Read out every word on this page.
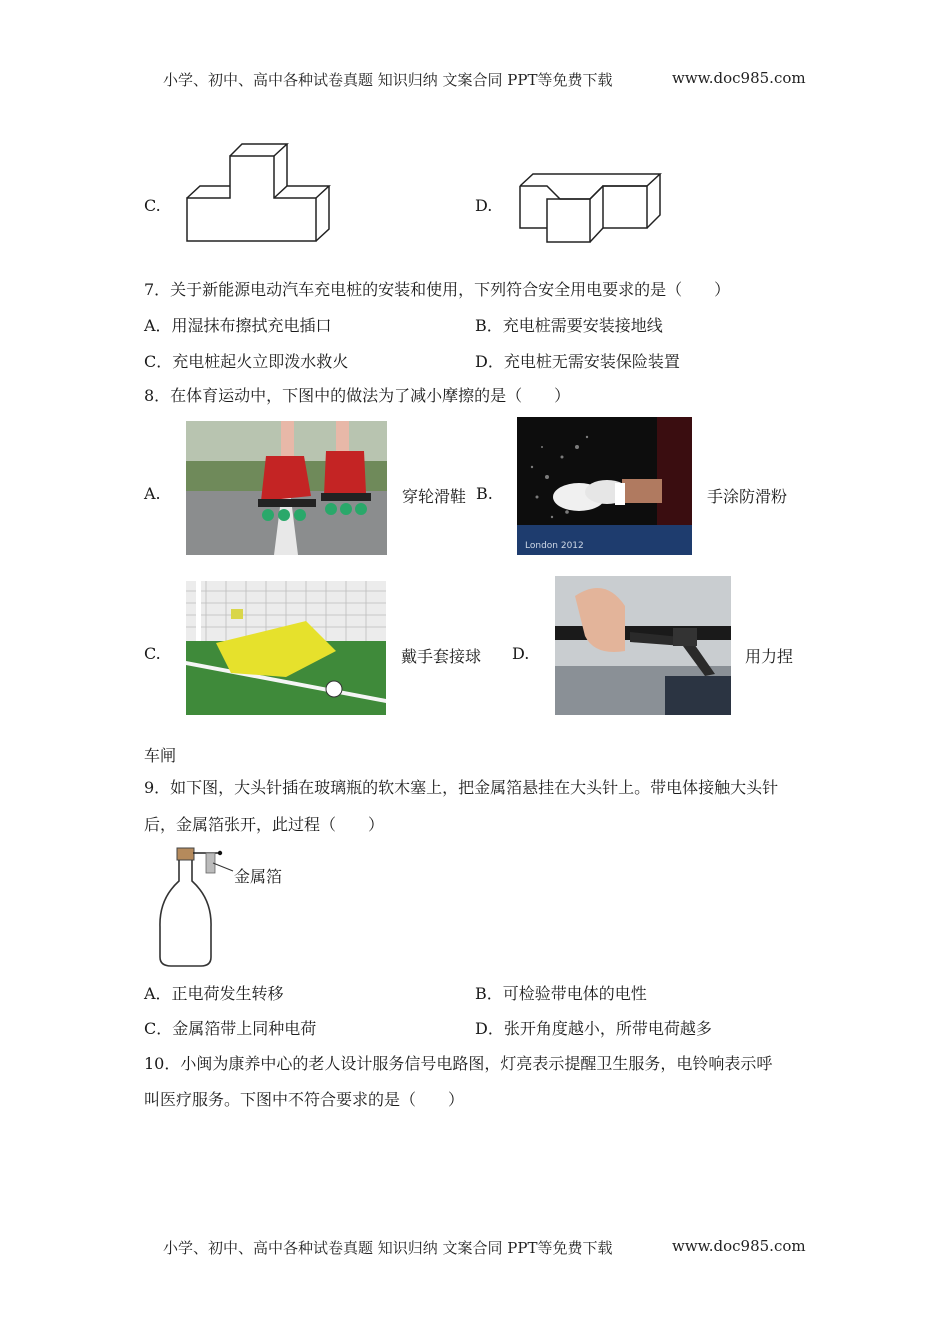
小学、初中、高中各种试卷真题 知识归纳 文案合同 PPT等免费下载	www.doc985.com
C.	D.
7．关于新能源电动汽车充电桩的安装和使用，下列符合安全用电要求的是（　　）
A．用湿抹布擦拭充电插口	B．充电桩需要安装接地线
C．充电桩起火立即泼水救火	D．充电桩无需安装保险装置
8．在体育运动中，下图中的做法为了减小摩擦的是（　　）
A.	穿轮滑鞋 B.
London 2012
手涂防滑粉
C.	戴手套接球 D.	用力捏
车闸
9．如下图，大头针插在玻璃瓶的软木塞上，把金属箔悬挂在大头针上。带电体接触大头针
后，金属箔张开，此过程（　　）
金属箔
A．正电荷发生转移	B．可检验带电体的电性
C．金属箔带上同种电荷	D．张开角度越小，所带电荷越多
10．小闽为康养中心的老人设计服务信号电路图，灯亮表示提醒卫生服务，电铃响表示呼
叫医疗服务。下图中不符合要求的是（　　）
小学、初中、高中各种试卷真题 知识归纳 文案合同 PPT等免费下载	www.doc985.com
